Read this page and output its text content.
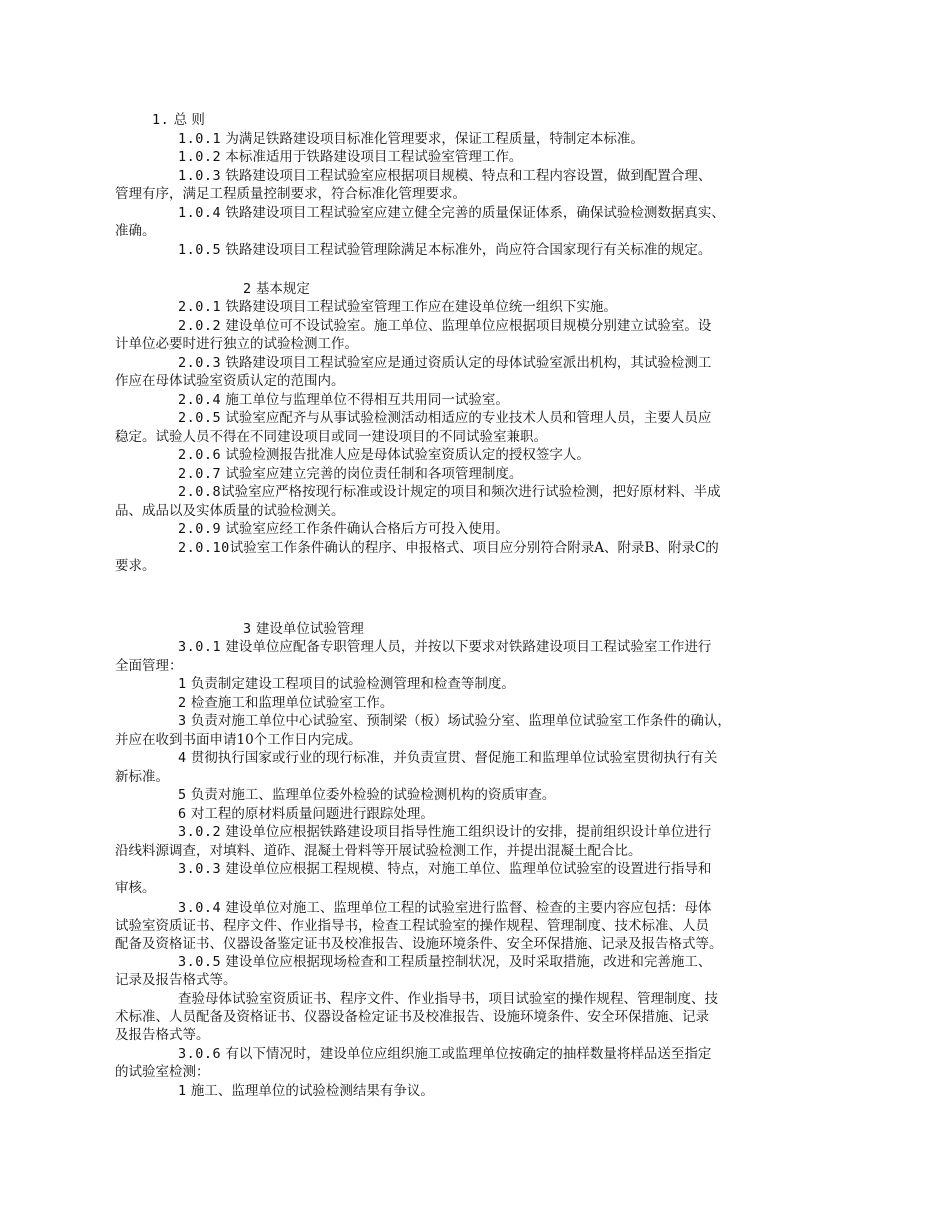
1. 总 则
1.0.1 为满足铁路建设项目标准化管理要求，保证工程质量，特制定本标准。
1.0.2 本标准适用于铁路建设项目工程试验室管理工作。
1.0.3 铁路建设项目工程试验室应根据项目规模、特点和工程内容设置，做到配置合理、
管理有序，满足工程质量控制要求，符合标准化管理要求。
1.0.4 铁路建设项目工程试验室应建立健全完善的质量保证体系，确保试验检测数据真实、
准确。
1.0.5 铁路建设项目工程试验管理除满足本标准外，尚应符合国家现行有关标准的规定。
2 基本规定
2.0.1 铁路建设项目工程试验室管理工作应在建设单位统一组织下实施。
2.0.2 建设单位可不设试验室。施工单位、监理单位应根据项目规模分别建立试验室。设
计单位必要时进行独立的试验检测工作。
2.0.3 铁路建设项目工程试验室应是通过资质认定的母体试验室派出机构，其试验检测工
作应在母体试验室资质认定的范围内。
2.0.4 施工单位与监理单位不得相互共用同一试验室。
2.0.5 试验室应配齐与从事试验检测活动相适应的专业技术人员和管理人员，主要人员应
稳定。试验人员不得在不同建设项目或同一建设项目的不同试验室兼职。
2.0.6 试验检测报告批准人应是母体试验室资质认定的授权签字人。
2.0.7 试验室应建立完善的岗位责任制和各项管理制度。
2.0.8试验室应严格按现行标准或设计规定的项目和频次进行试验检测，把好原材料、半成
品、成品以及实体质量的试验检测关。
2.0.9 试验室应经工作条件确认合格后方可投入使用。
2.0.10试验室工作条件确认的程序、申报格式、项目应分别符合附录A、附录B、附录C的
要求。
3 建设单位试验管理
3.0.1 建设单位应配备专职管理人员，并按以下要求对铁路建设项目工程试验室工作进行
全面管理：
1 负责制定建设工程项目的试验检测管理和检查等制度。
2 检查施工和监理单位试验室工作。
3 负责对施工单位中心试验室、预制梁（板）场试验分室、监理单位试验室工作条件的确认，
并应在收到书面申请10个工作日内完成。
4 贯彻执行国家或行业的现行标准，并负责宣贯、督促施工和监理单位试验室贯彻执行有关
新标准。
5 负责对施工、监理单位委外检验的试验检测机构的资质审查。
6 对工程的原材料质量问题进行跟踪处理。
3.0.2 建设单位应根据铁路建设项目指导性施工组织设计的安排，提前组织设计单位进行
沿线料源调查，对填料、道砟、混凝土骨料等开展试验检测工作，并提出混凝土配合比。
3.0.3 建设单位应根据工程规模、特点，对施工单位、监理单位试验室的设置进行指导和
审核。
3.0.4 建设单位对施工、监理单位工程的试验室进行监督、检查的主要内容应包括：母体
试验室资质证书、程序文件、作业指导书，检查工程试验室的操作规程、管理制度、技术标准、人员
配备及资格证书、仪器设备鉴定证书及校准报告、设施环境条件、安全环保措施、记录及报告格式等。
3.0.5 建设单位应根据现场检查和工程质量控制状况，及时采取措施，改进和完善施工、
记录及报告格式等。
查验母体试验室资质证书、程序文件、作业指导书，项目试验室的操作规程、管理制度、技
术标准、人员配备及资格证书、仪器设备检定证书及校准报告、设施环境条件、安全环保措施、记录
及报告格式等。
3.0.6 有以下情况时，建设单位应组织施工或监理单位按确定的抽样数量将样品送至指定
的试验室检测：
1 施工、监理单位的试验检测结果有争议。
